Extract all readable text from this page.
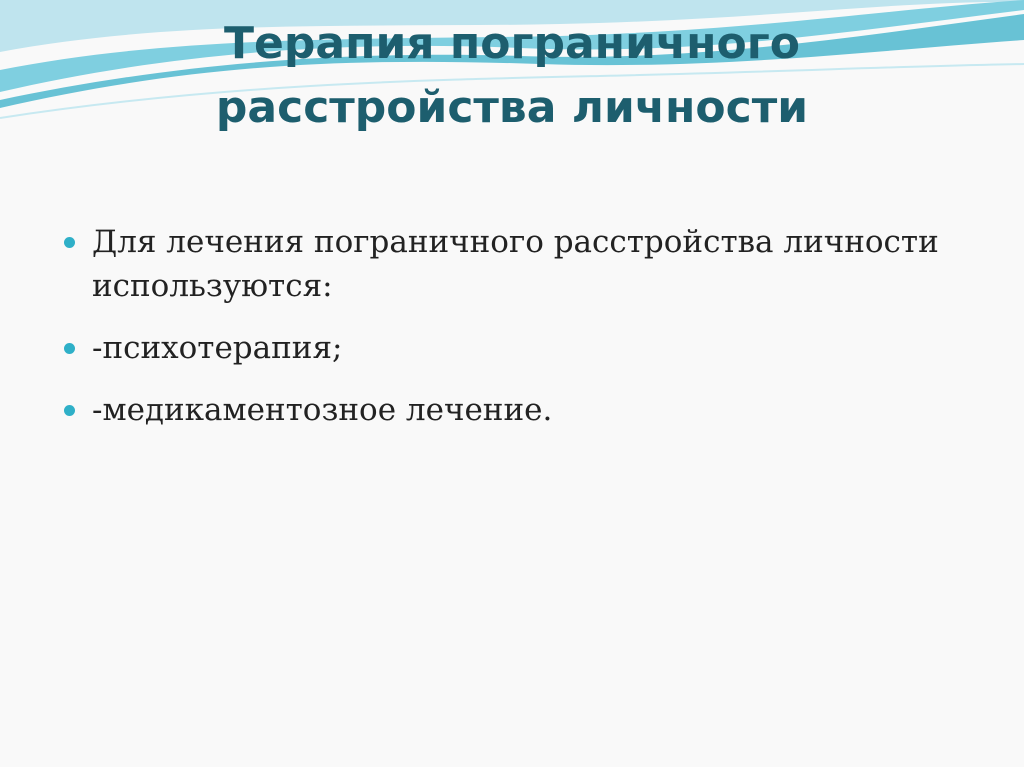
Терапия пограничного
расстройства личности
Для лечения пограничного расстройства личности используются:
-психотерапия;
-медикаментозное лечение.
